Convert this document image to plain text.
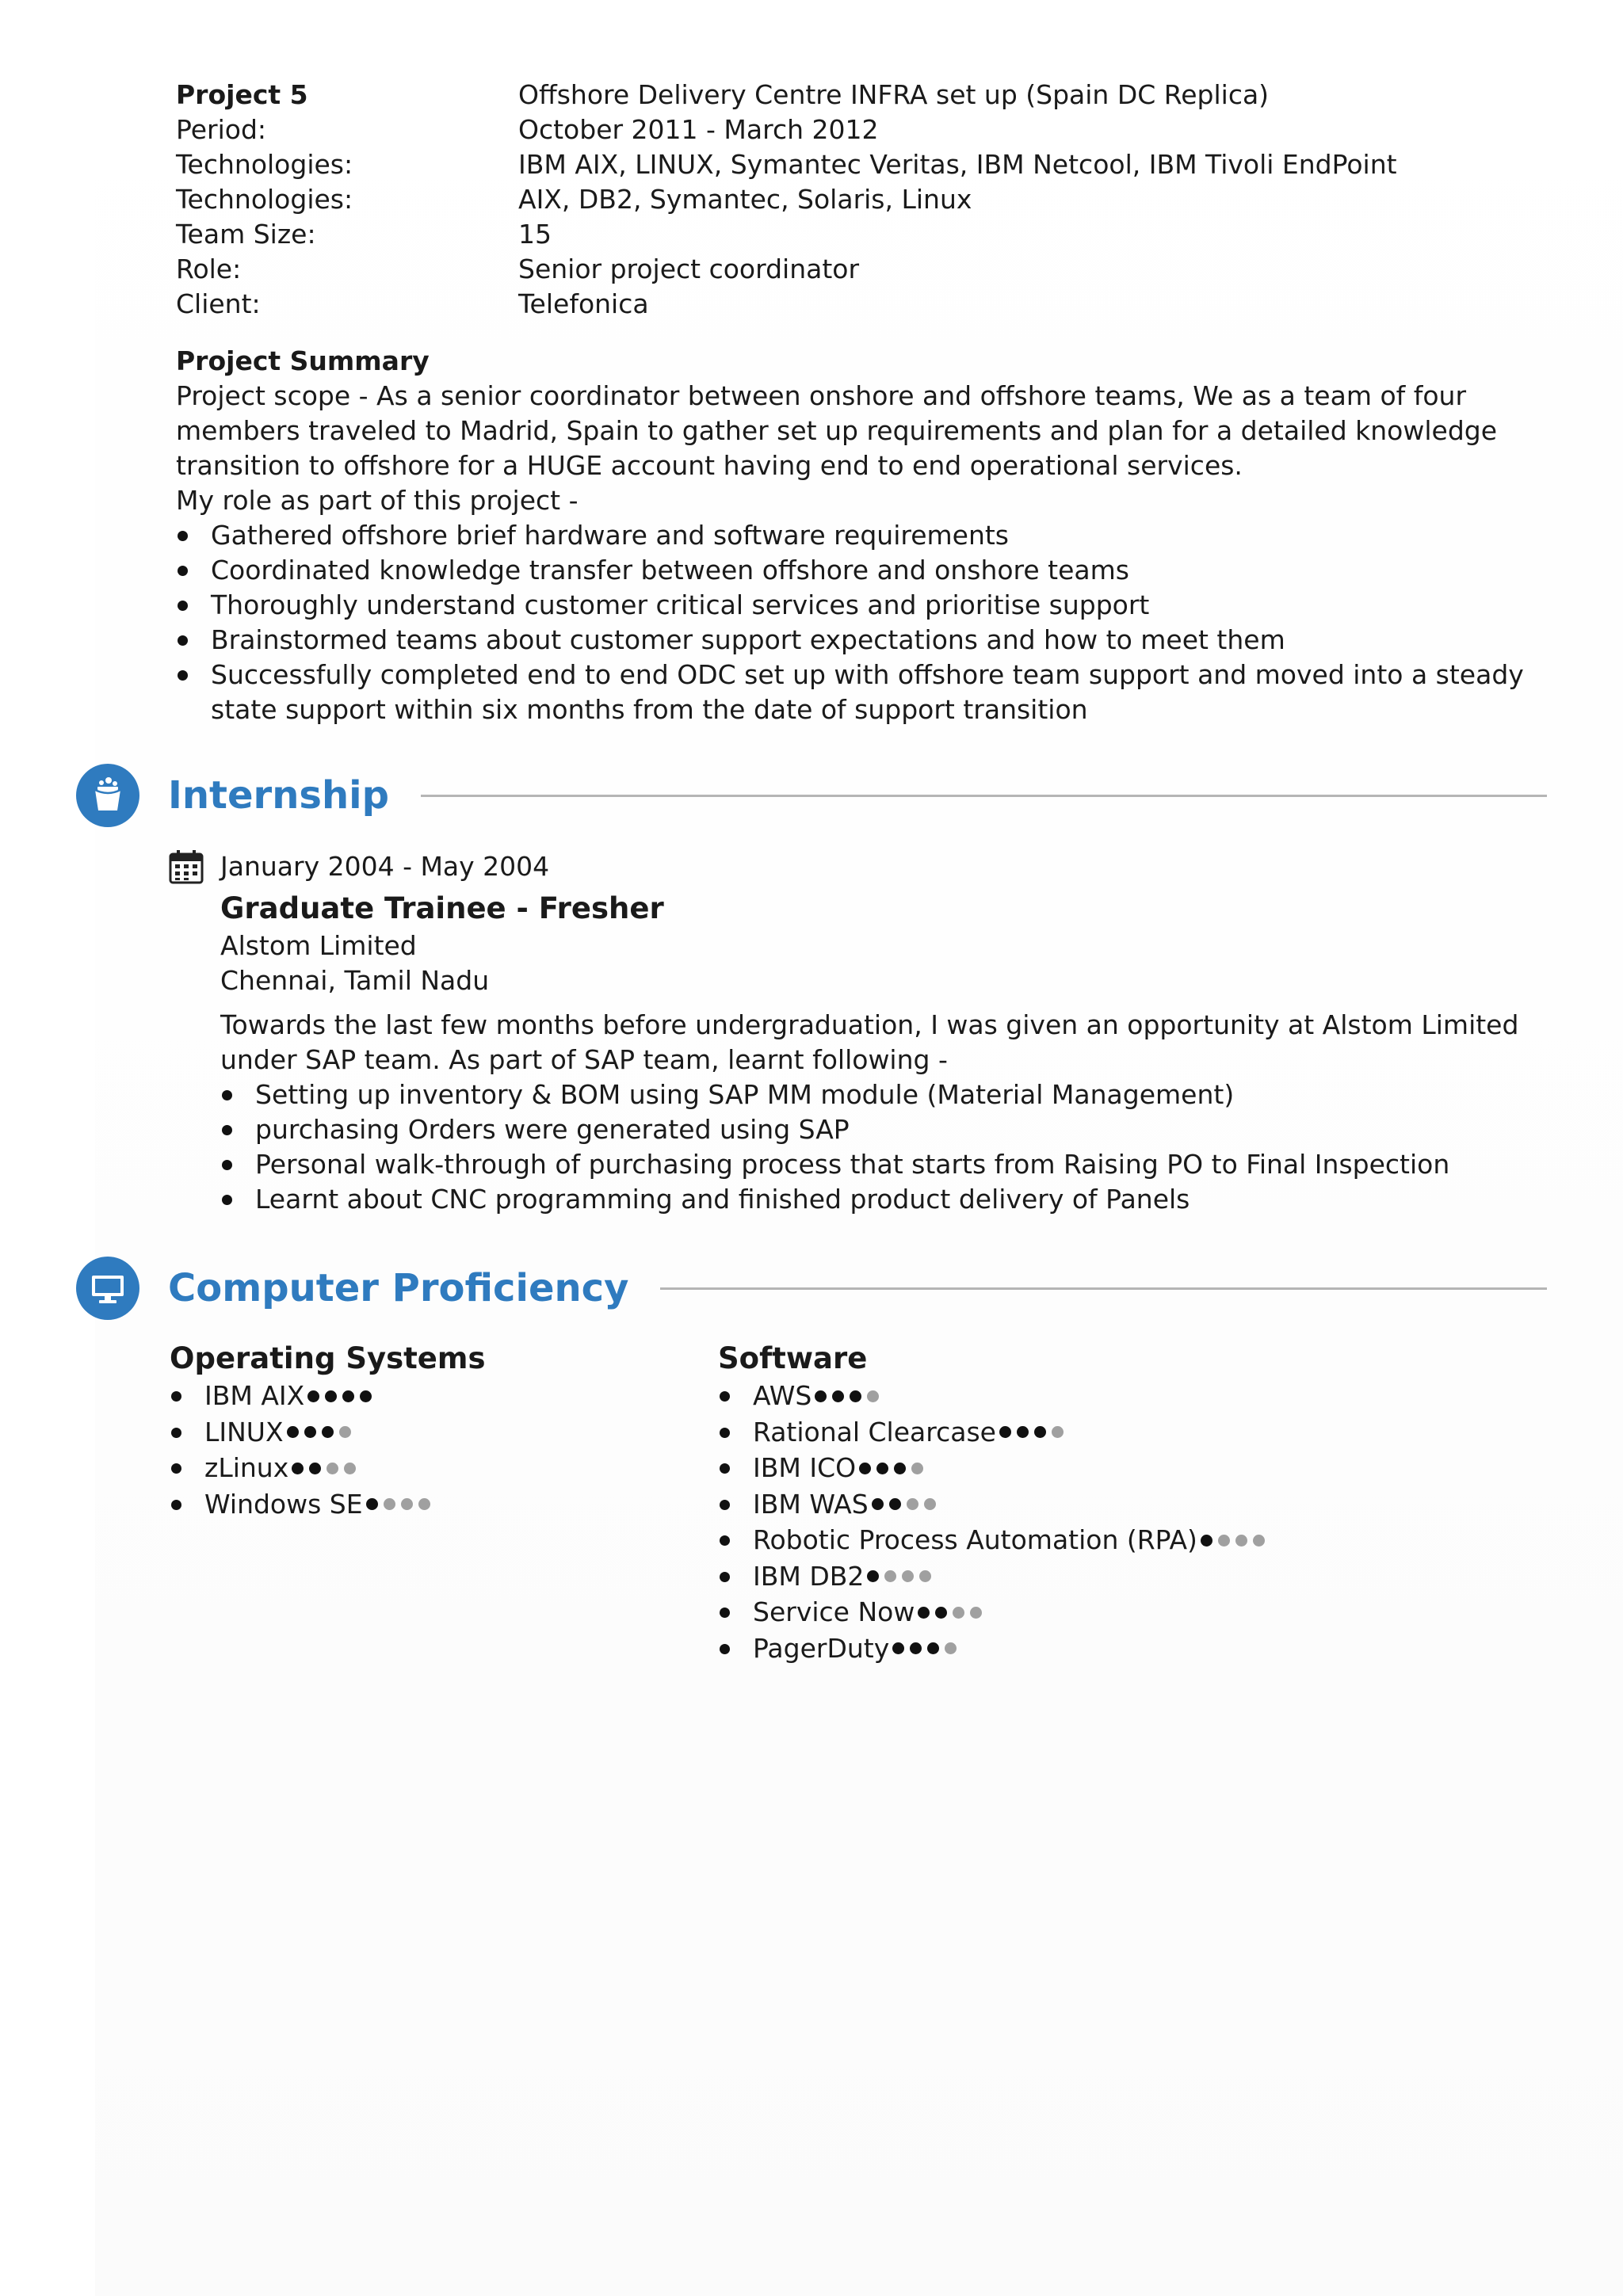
Project 5	Offshore Delivery Centre INFRA set up (Spain DC Replica)
Period:	October 2011 - March 2012
Technologies:	IBM AIX, LINUX, Symantec Veritas, IBM Netcool, IBM Tivoli EndPoint
Technologies:	AIX, DB2, Symantec, Solaris, Linux
Team Size:	15
Role:	Senior project coordinator
Client:	Telefonica
Project Summary

Project scope - As a senior coordinator between onshore and offshore teams, We as a team of four members traveled to Madrid, Spain to gather set up requirements and plan for a detailed knowledge transition to offshore for a HUGE account having end to end operational services.

My role as part of this project -

Gathered offshore brief hardware and software requirements
Coordinated knowledge transfer between offshore and onshore teams
Thoroughly understand customer critical services and prioritise support
Brainstormed teams about customer support expectations and how to meet them
Successfully completed end to end ODC set up with offshore team support and moved into a steady state support within six months from the date of support transition
Internship
January 2004 - May 2004
Graduate Trainee - Fresher
Alstom Limited
Chennai, Tamil Nadu

Towards the last few months before undergraduation, I was given an opportunity at Alstom Limited under SAP team. As part of SAP team, learnt following -

Setting up inventory & BOM using SAP MM module (Material Management)
purchasing Orders were generated using SAP
Personal walk-through of purchasing process that starts from Raising PO to Final Inspection
Learnt about CNC programming and finished product delivery of Panels
Computer Proficiency
Operating Systems
IBM AIX
LINUX
zLinux
Windows SE
Software
AWS
Rational Clearcase
IBM ICO
IBM WAS
Robotic Process Automation (RPA)
IBM DB2
Service Now
PagerDuty
